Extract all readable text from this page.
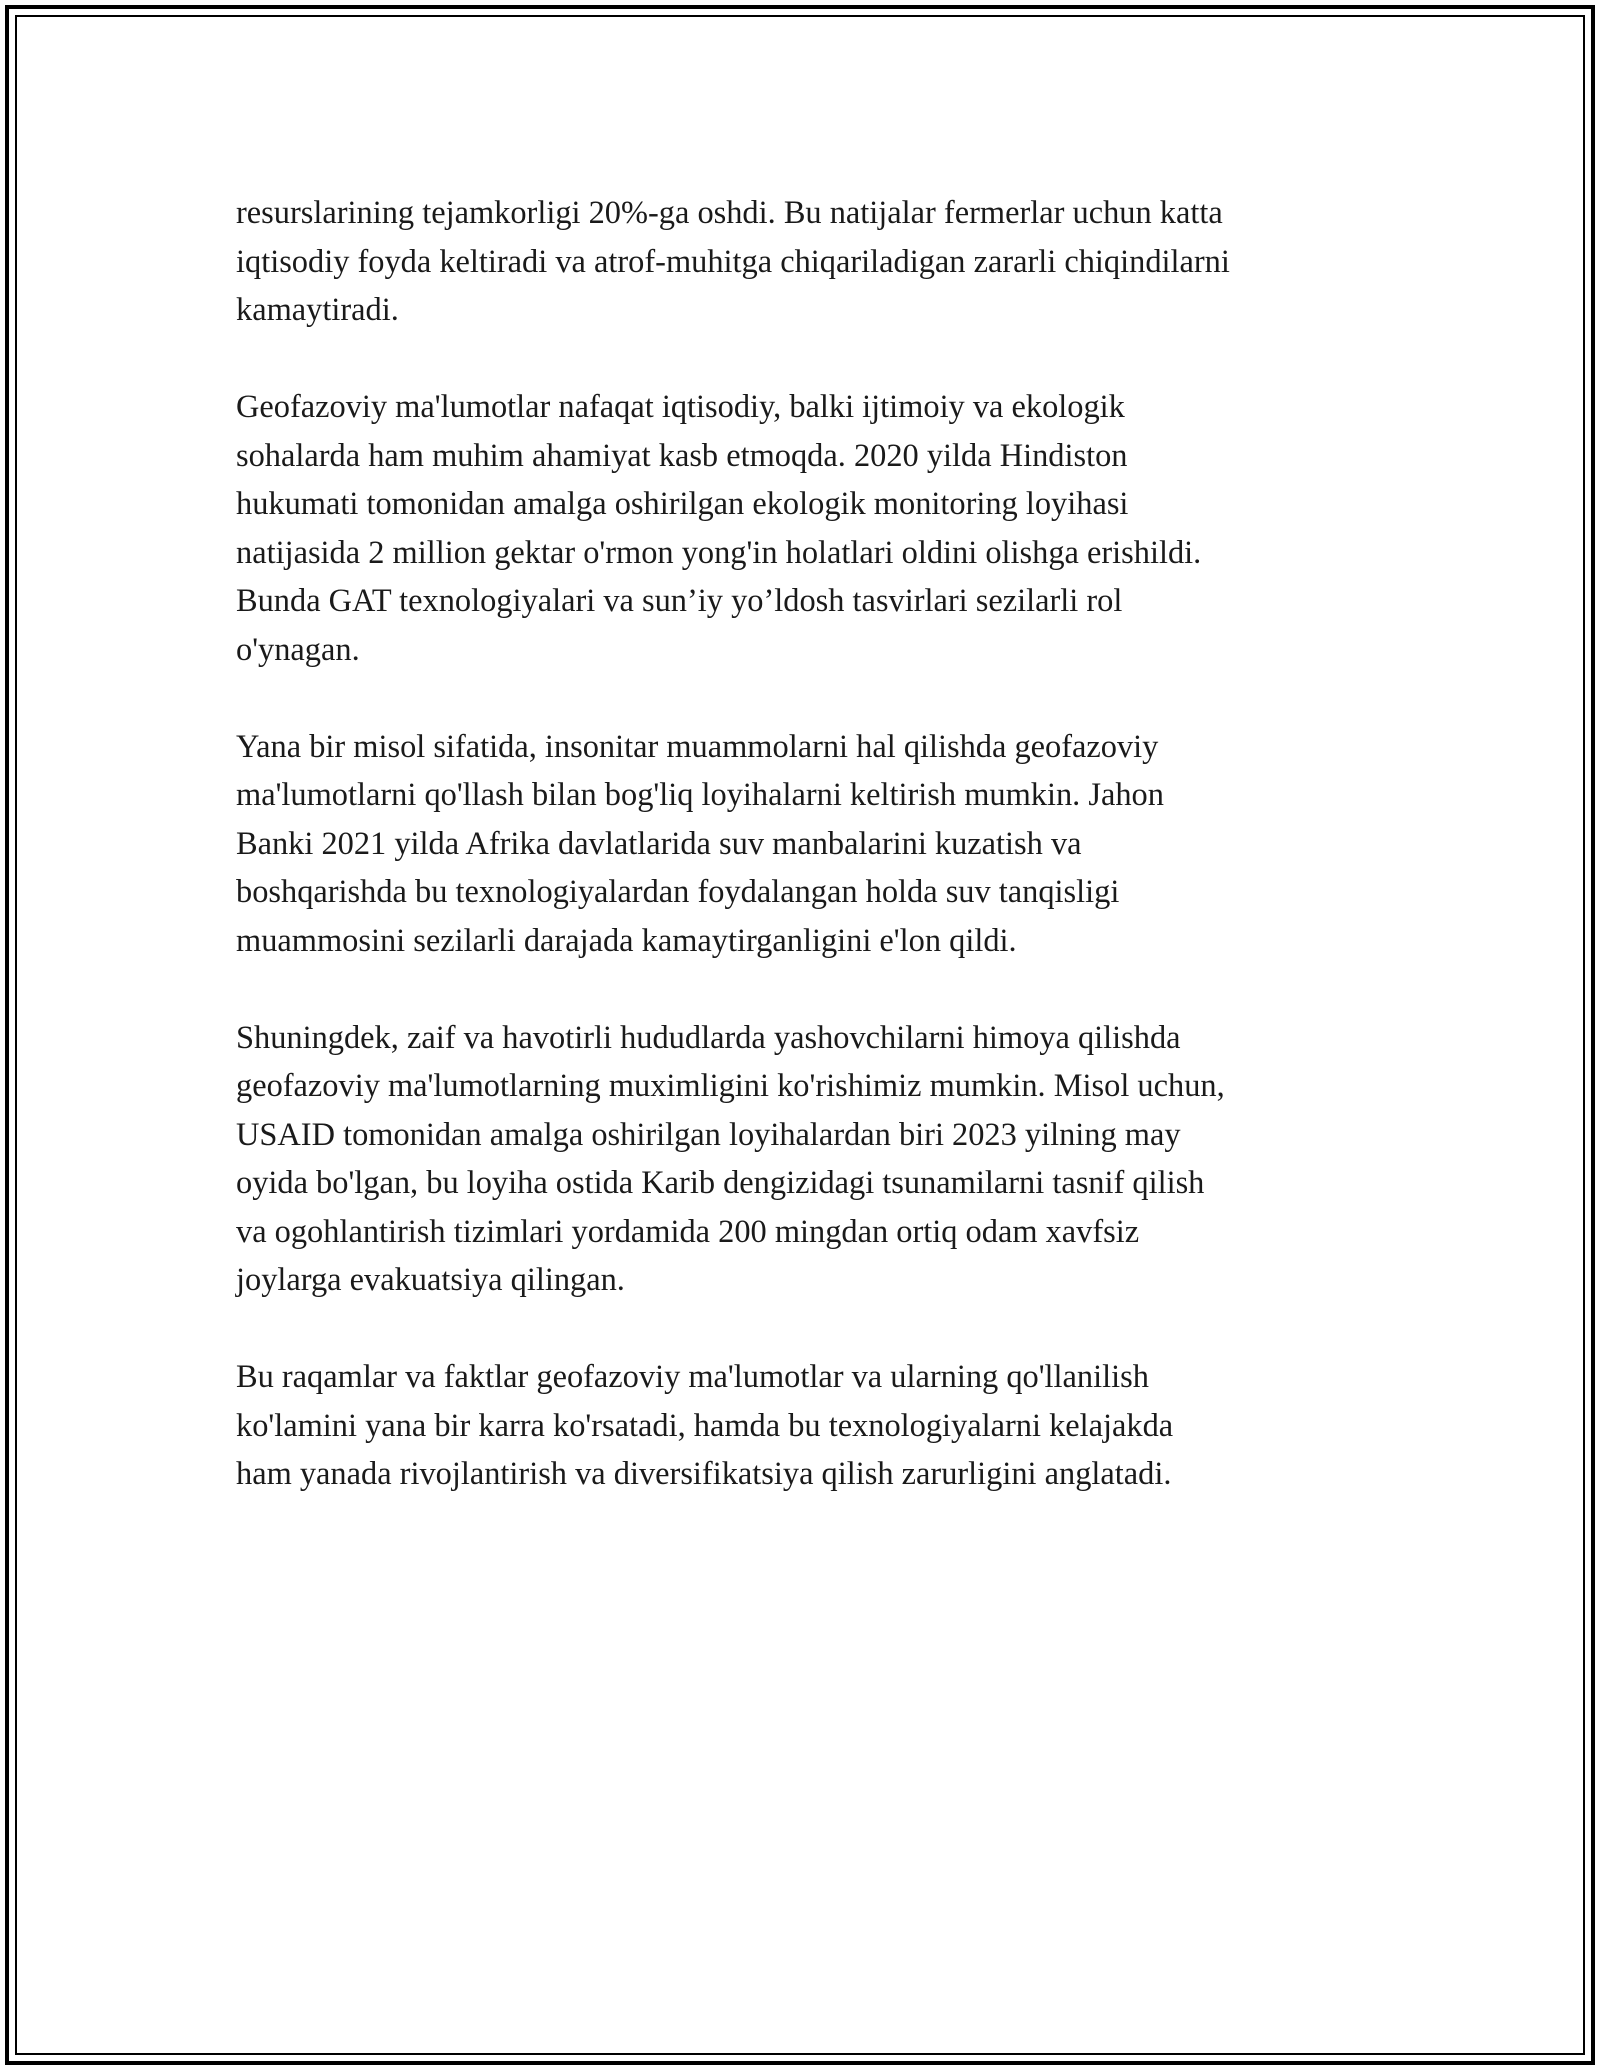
resurslarining tejamkorligi 20%-ga oshdi. Bu natijalar fermerlar uchun katta
iqtisodiy foyda keltiradi va atrof-muhitga chiqariladigan zararli chiqindilarni
kamaytiradi.

Geofazoviy ma'lumotlar nafaqat iqtisodiy, balki ijtimoiy va ekologik
sohalarda ham muhim ahamiyat kasb etmoqda. 2020 yilda Hindiston
hukumati tomonidan amalga oshirilgan ekologik monitoring loyihasi
natijasida 2 million gektar o'rmon yong'in holatlari oldini olishga erishildi.
Bunda GAT texnologiyalari va sun’iy yo’ldosh tasvirlari sezilarli rol
o'ynagan.

Yana bir misol sifatida, insonitar muammolarni hal qilishda geofazoviy
ma'lumotlarni qo'llash bilan bog'liq loyihalarni keltirish mumkin. Jahon
Banki 2021 yilda Afrika davlatlarida suv manbalarini kuzatish va
boshqarishda bu texnologiyalardan foydalangan holda suv tanqisligi
muammosini sezilarli darajada kamaytirganligini e'lon qildi.

Shuningdek, zaif va havotirli hududlarda yashovchilarni himoya qilishda
geofazoviy ma'lumotlarning muximligini ko'rishimiz mumkin. Misol uchun,
USAID tomonidan amalga oshirilgan loyihalardan biri 2023 yilning may
oyida bo'lgan, bu loyiha ostida Karib dengizidagi tsunamilarni tasnif qilish
va ogohlantirish tizimlari yordamida 200 mingdan ortiq odam xavfsiz
joylarga evakuatsiya qilingan.

Bu raqamlar va faktlar geofazoviy ma'lumotlar va ularning qo'llanilish
ko'lamini yana bir karra ko'rsatadi, hamda bu texnologiyalarni kelajakda
ham yanada rivojlantirish va diversifikatsiya qilish zarurligini anglatadi.
